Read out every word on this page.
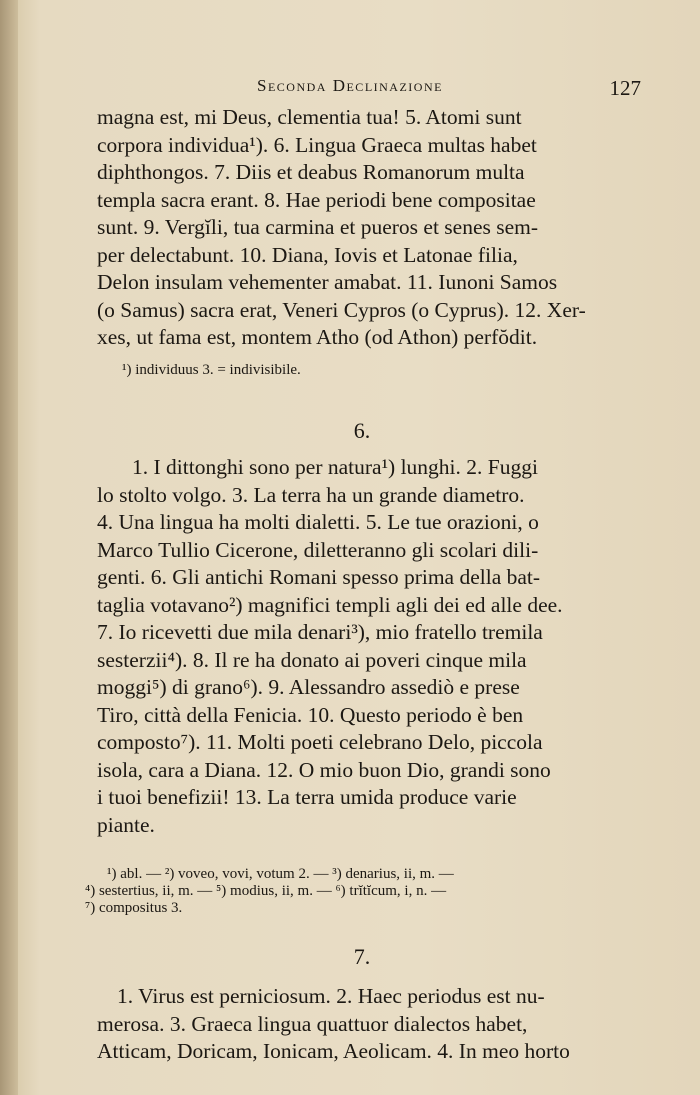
Seconda Declinazione	127
magna est, mi Deus, clementia tua! 5. Atomi sunt
corpora individua¹). 6. Lingua Graeca multas habet
diphthongos. 7. Diis et deabus Romanorum multa
templa sacra erant. 8. Hae periodi bene compositae
sunt. 9. Vergĭli, tua carmina et pueros et senes sem-
per delectabunt. 10. Diana, Iovis et Latonae filia,
Delon insulam vehementer amabat. 11. Iunoni Samos
(o Samus) sacra erat, Veneri Cypros (o Cyprus). 12. Xer-
xes, ut fama est, montem Atho (od Athon) perfŏdit.
¹) individuus 3. = indivisibile.
6.
1. I dittonghi sono per natura¹) lunghi. 2. Fuggi
lo stolto volgo. 3. La terra ha un grande diametro.
4. Una lingua ha molti dialetti. 5. Le tue orazioni, o
Marco Tullio Cicerone, diletteranno gli scolari dili-
genti. 6. Gli antichi Romani spesso prima della bat-
taglia votavano²) magnifici templi agli dei ed alle dee.
7. Io ricevetti due mila denari³), mio fratello tremila
sesterzii⁴). 8. Il re ha donato ai poveri cinque mila
moggi⁵) di grano⁶). 9. Alessandro assediò e prese
Tiro, città della Fenicia. 10. Questo periodo è ben
composto⁷). 11. Molti poeti celebrano Delo, piccola
isola, cara a Diana. 12. O mio buon Dio, grandi sono
i tuoi benefizii! 13. La terra umida produce varie
piante.
¹) abl. — ²) voveo, vovi, votum 2. — ³) denarius, ii, m. —
⁴) sestertius, ii, m. — ⁵) modius, ii, m. — ⁶) trĭtĭcum, i, n. —
⁷) compositus 3.
7.
1. Virus est perniciosum. 2. Haec periodus est nu-
merosa. 3. Graeca lingua quattuor dialectos habet,
Atticam, Doricam, Ionicam, Aeolicam. 4. In meo horto
